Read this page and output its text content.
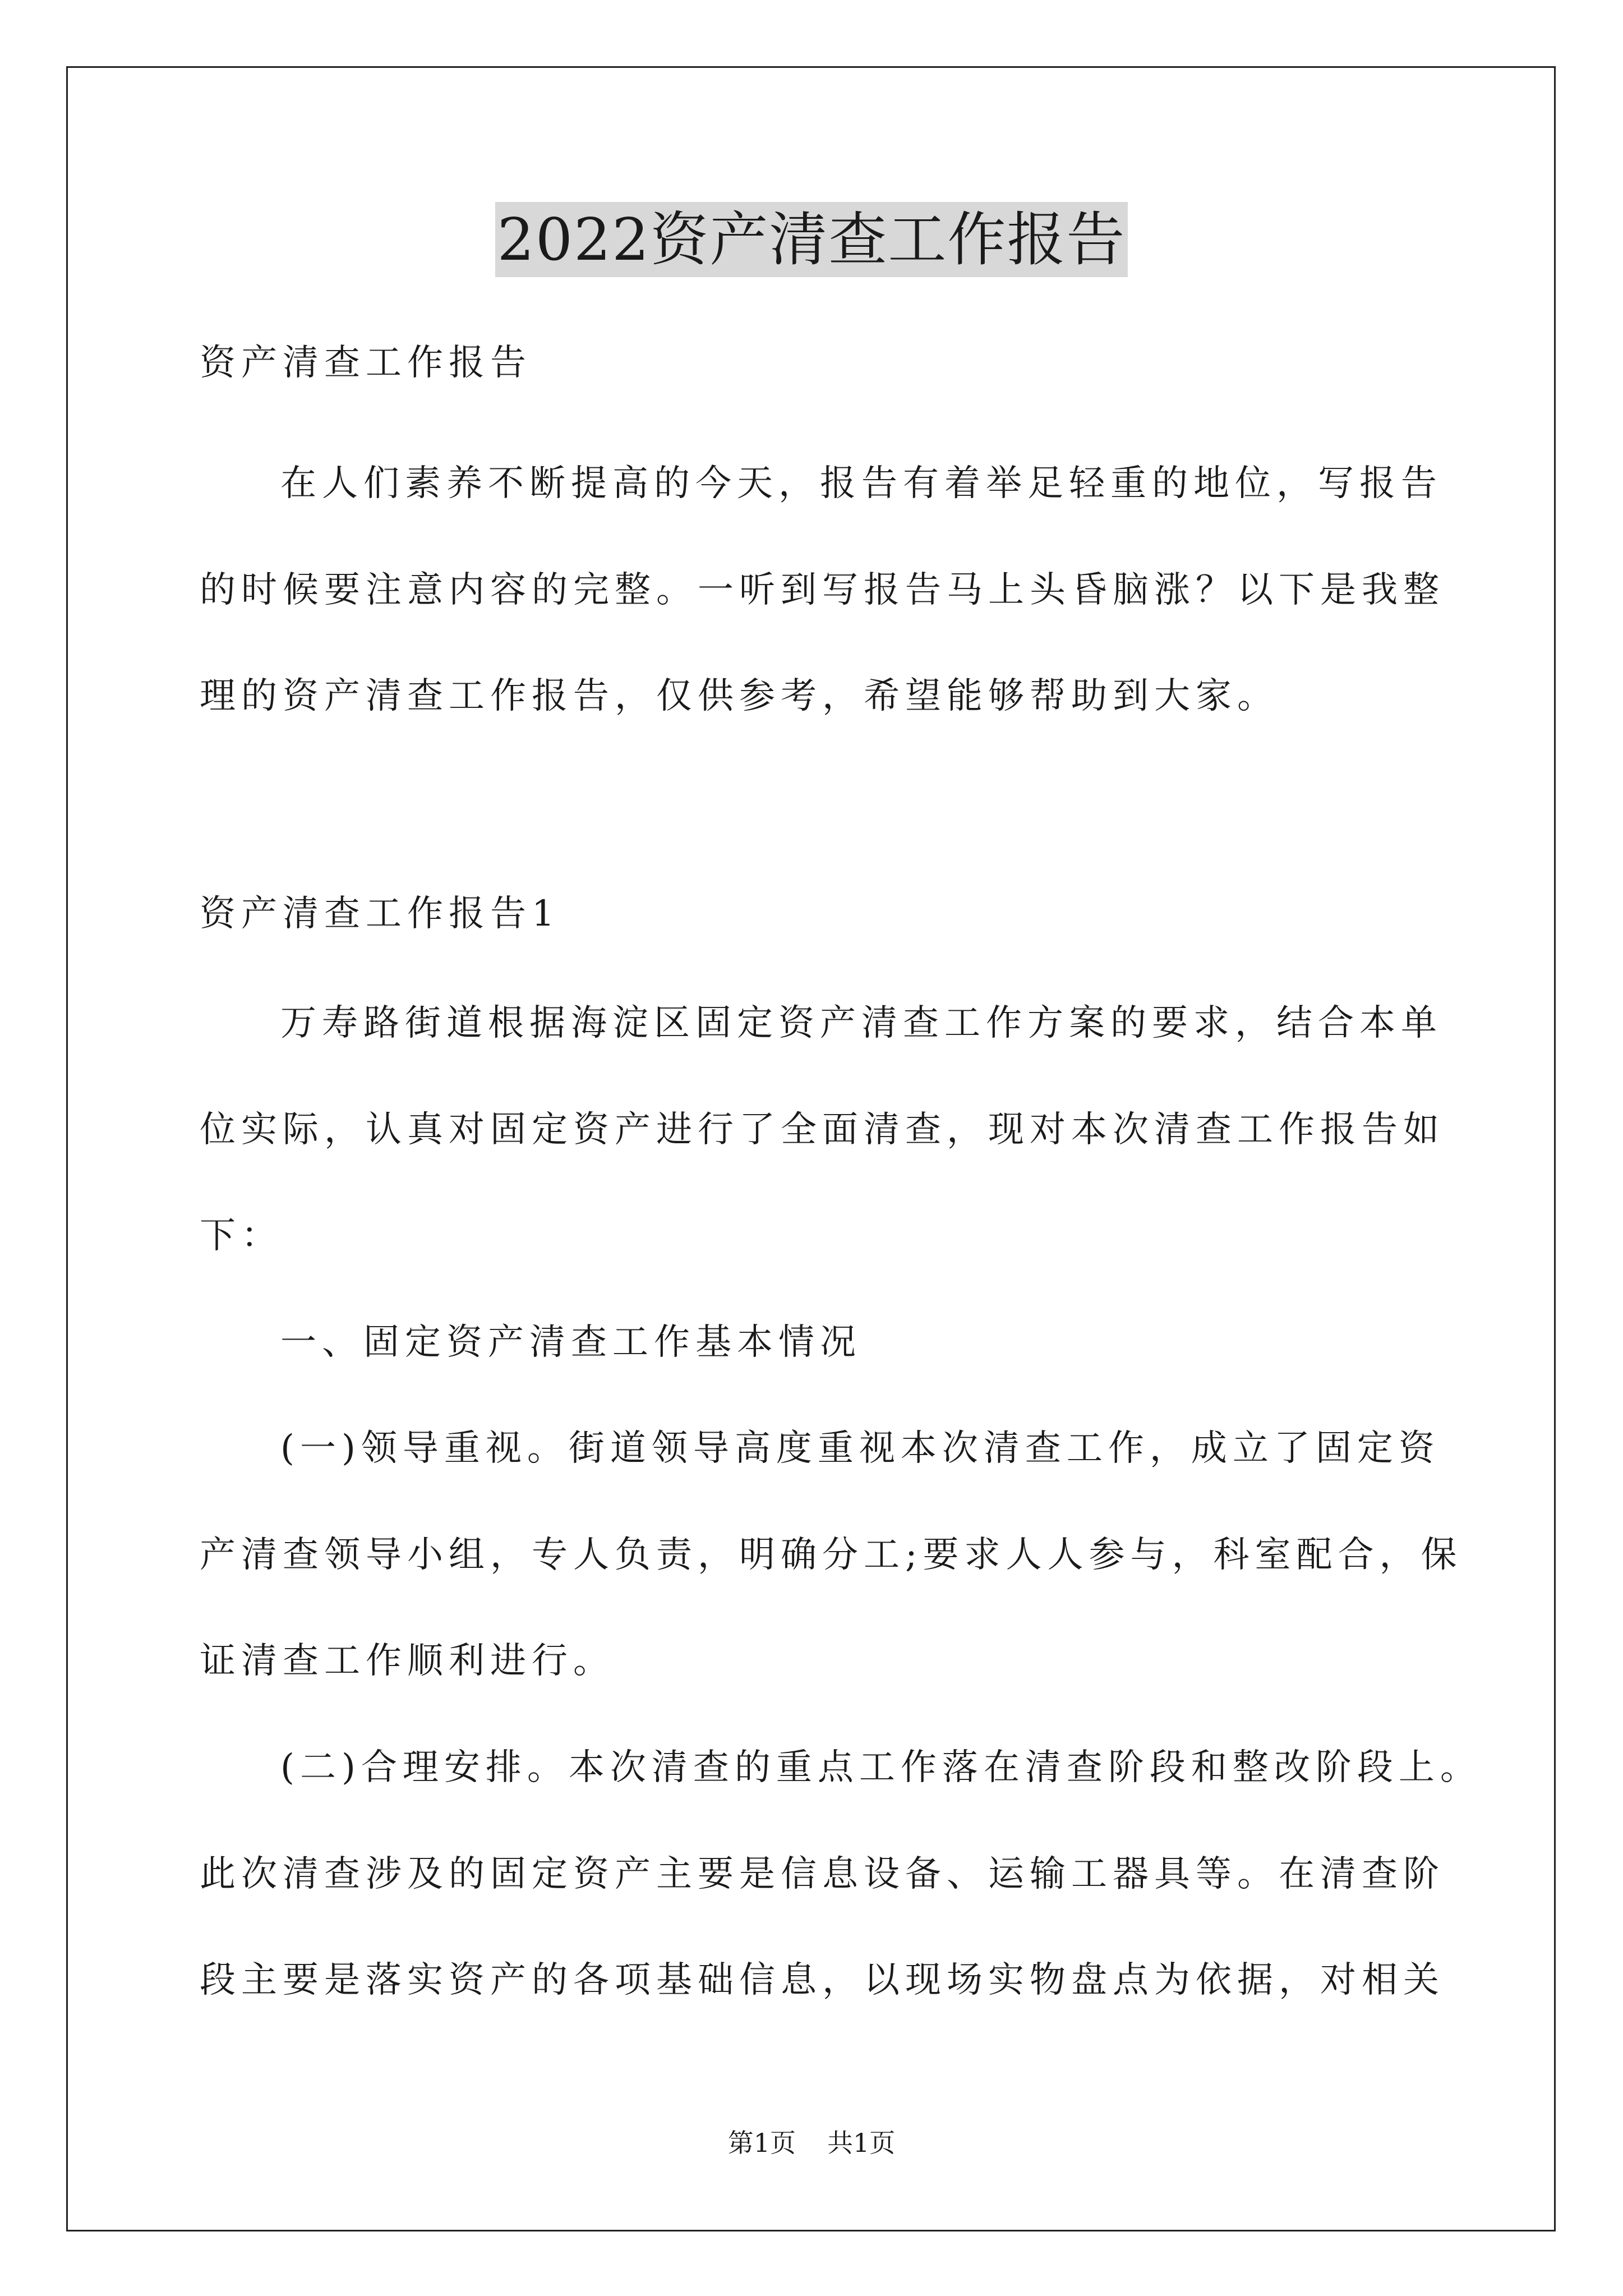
2022资产清查工作报告
资产清查工作报告
在人们素养不断提高的今天，报告有着举足轻重的地位，写报告
的时候要注意内容的完整。一听到写报告马上头昏脑涨？以下是我整
理的资产清查工作报告，仅供参考，希望能够帮助到大家。
资产清查工作报告1
万寿路街道根据海淀区固定资产清查工作方案的要求，结合本单
位实际，认真对固定资产进行了全面清查，现对本次清查工作报告如
下：
一、固定资产清查工作基本情况
(一)领导重视。街道领导高度重视本次清查工作，成立了固定资
产清查领导小组，专人负责，明确分工;要求人人参与，科室配合，保
证清查工作顺利进行。
(二)合理安排。本次清查的重点工作落在清查阶段和整改阶段上。
此次清查涉及的固定资产主要是信息设备、运输工器具等。在清查阶
段主要是落实资产的各项基础信息，以现场实物盘点为依据，对相关
第1页 共1页
